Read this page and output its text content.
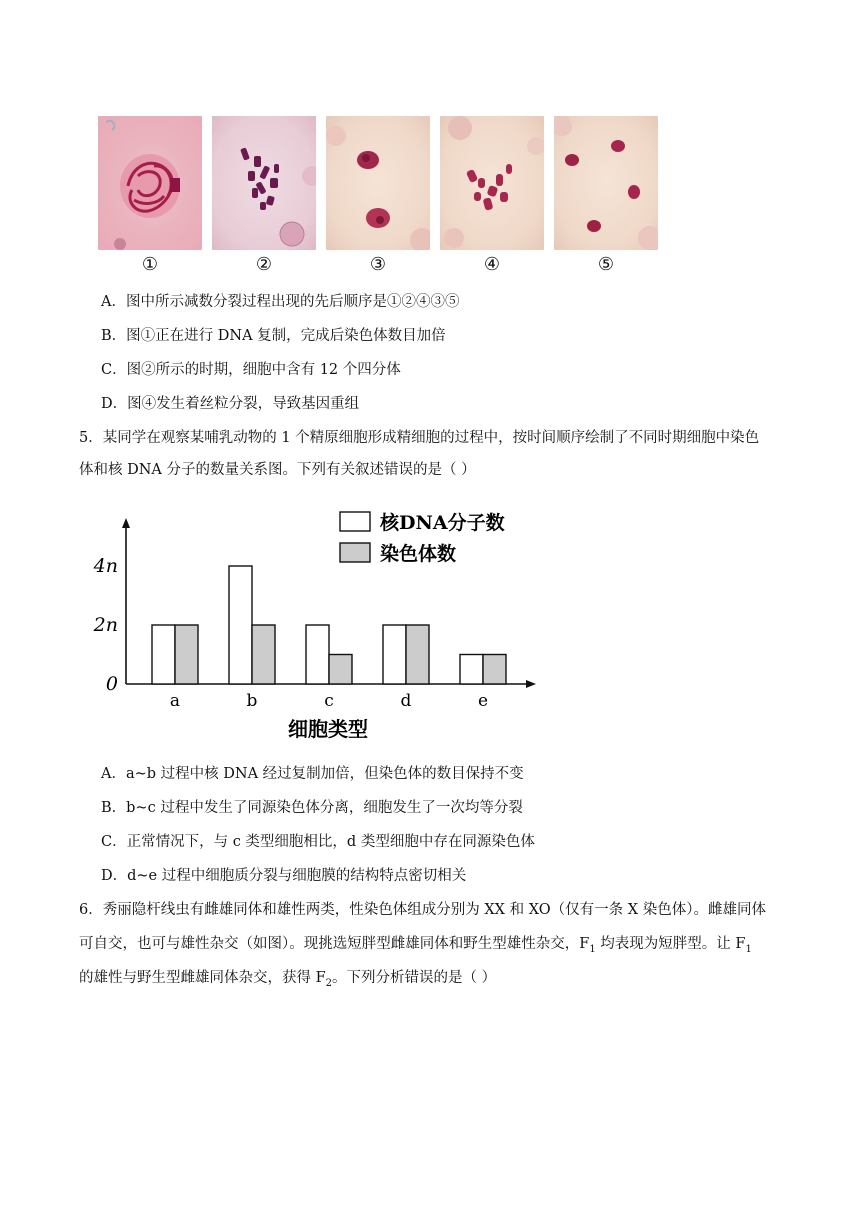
①	②	③	④	⑤
A．图中所示减数分裂过程出现的先后顺序是①②④③⑤
B．图①正在进行 DNA 复制，完成后染色体数目加倍
C．图②所示的时期，细胞中含有 12 个四分体
D．图④发生着丝粒分裂，导致基因重组
5．某同学在观察某哺乳动物的 1 个精原细胞形成精细胞的过程中，按时间顺序绘制了不同时期细胞中染色
体和核 DNA 分子的数量关系图。下列有关叙述错误的是（ ）
0
2n
4n
a	b	c	d	e
核DNA分子数
染色体数
细胞类型
A．a~b 过程中核 DNA 经过复制加倍，但染色体的数目保持不变
B．b~c 过程中发生了同源染色体分离，细胞发生了一次均等分裂
C．正常情况下，与 c 类型细胞相比，d 类型细胞中存在同源染色体
D．d~e 过程中细胞质分裂与细胞膜的结构特点密切相关
6．秀丽隐杆线虫有雌雄同体和雄性两类，性染色体组成分别为 XX 和 XO（仅有一条 X 染色体）。雌雄同体
可自交，也可与雄性杂交（如图）。现挑选短胖型雌雄同体和野生型雄性杂交，$F_1$ 均表现为短胖型。让 $F_1$
的雄性与野生型雌雄同体杂交，获得 $F_2$。下列分析错误的是（ ）
